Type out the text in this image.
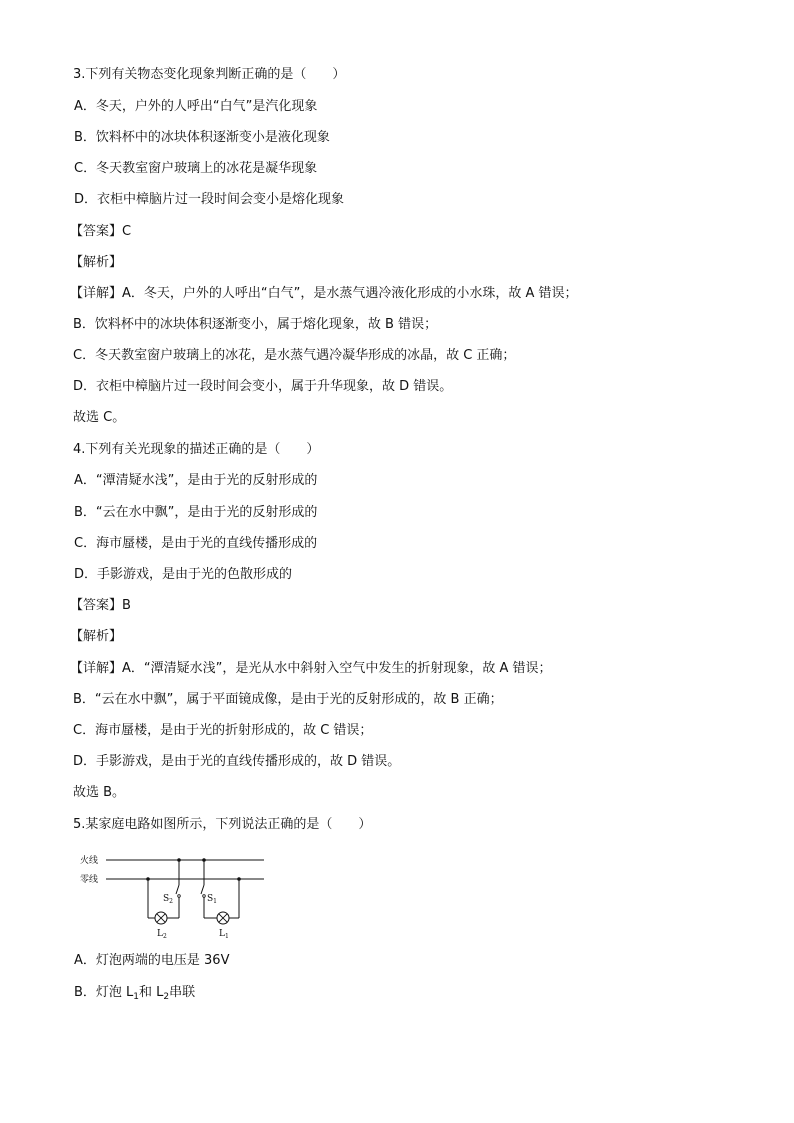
3.下列有关物态变化现象判断正确的是（　　）
A．冬天，户外的人呼出“白气”是汽化现象
B．饮料杯中的冰块体积逐渐变小是液化现象
C．冬天教室窗户玻璃上的冰花是凝华现象
D．衣柜中樟脑片过一段时间会变小是熔化现象
【答案】C
【解析】
【详解】A．冬天，户外的人呼出“白气”，是水蒸气遇冷液化形成的小水珠，故 A 错误；
B．饮料杯中的冰块体积逐渐变小，属于熔化现象，故 B 错误；
C．冬天教室窗户玻璃上的冰花，是水蒸气遇冷凝华形成的冰晶，故 C 正确；
D．衣柜中樟脑片过一段时间会变小，属于升华现象，故 D 错误。
故选 C。
4.下列有关光现象的描述正确的是（　　）
A．“潭清疑水浅”，是由于光的反射形成的
B．“云在水中飘”，是由于光的反射形成的
C．海市蜃楼，是由于光的直线传播形成的
D．手影游戏，是由于光的色散形成的
【答案】B
【解析】
【详解】A．“潭清疑水浅”，是光从水中斜射入空气中发生的折射现象，故 A 错误；
B．“云在水中飘”，属于平面镜成像，是由于光的反射形成的，故 B 正确；
C．海市蜃楼，是由于光的折射形成的，故 C 错误；
D．手影游戏，是由于光的直线传播形成的，故 D 错误。
故选 B。
5.某家庭电路如图所示，下列说法正确的是（　　）
火线
零线
$S_2$	$S_1$
$L_2$	$L_1$
A．灯泡两端的电压是 36V
B．灯泡 $L_1$和 $L_2$串联
